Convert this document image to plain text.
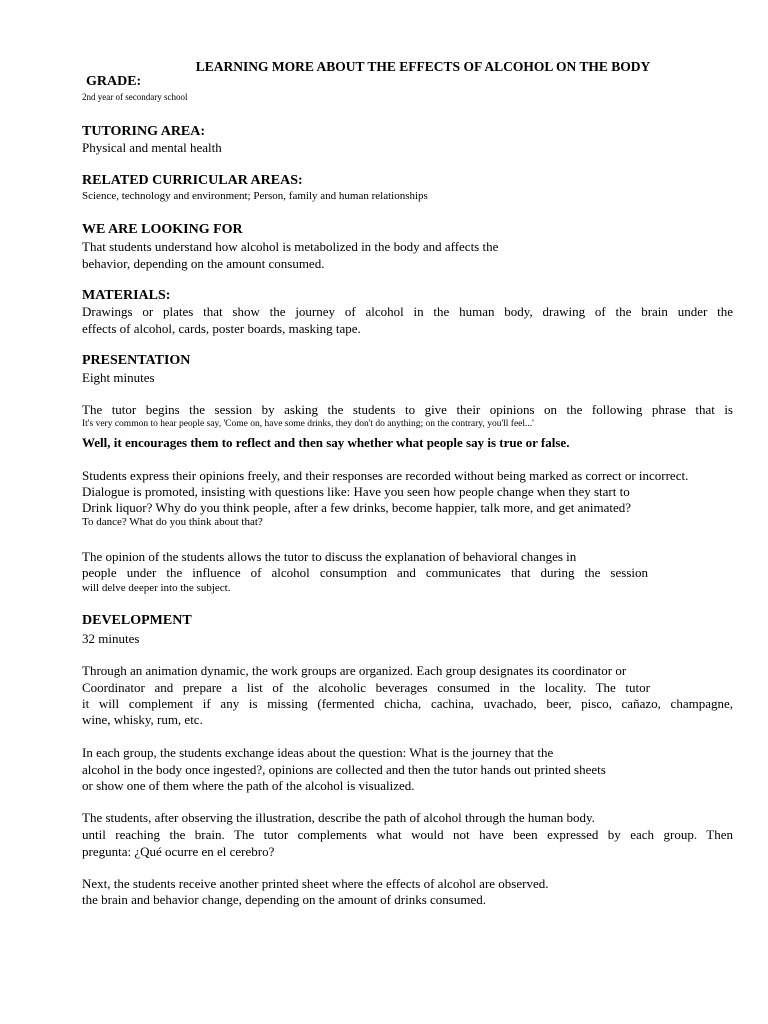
LEARNING MORE ABOUT THE EFFECTS OF ALCOHOL ON THE BODY
GRADE:
2nd year of secondary school
TUTORING AREA:
Physical and mental health
RELATED CURRICULAR AREAS:
Science, technology and environment; Person, family and human relationships
WE ARE LOOKING FOR
That students understand how alcohol is metabolized in the body and affects the
behavior, depending on the amount consumed.
MATERIALS:
Drawings or plates that show the journey of alcohol in the human body, drawing of the brain under the
effects of alcohol, cards, poster boards, masking tape.
PRESENTATION
Eight minutes
The tutor begins the session by asking the students to give their opinions on the following phrase that is
It's very common to hear people say, 'Come on, have some drinks, they don't do anything; on the contrary, you'll feel...'
Well, it encourages them to reflect and then say whether what people say is true or false.
Students express their opinions freely, and their responses are recorded without being marked as correct or incorrect.
Dialogue is promoted, insisting with questions like: Have you seen how people change when they start to
Drink liquor? Why do you think people, after a few drinks, become happier, talk more, and get animated?
To dance? What do you think about that?
The opinion of the students allows the tutor to discuss the explanation of behavioral changes in
people under the influence of alcohol consumption and communicates that during the session
will delve deeper into the subject.
DEVELOPMENT
32 minutes
Through an animation dynamic, the work groups are organized. Each group designates its coordinator or
Coordinator and prepare a list of the alcoholic beverages consumed in the locality. The tutor
it will complement if any is missing (fermented chicha, cachina, uvachado, beer, pisco, cañazo, champagne,
wine, whisky, rum, etc.
In each group, the students exchange ideas about the question: What is the journey that the
alcohol in the body once ingested?, opinions are collected and then the tutor hands out printed sheets
or show one of them where the path of the alcohol is visualized.
The students, after observing the illustration, describe the path of alcohol through the human body.
until reaching the brain. The tutor complements what would not have been expressed by each group. Then
pregunta: ¿Qué ocurre en el cerebro?
Next, the students receive another printed sheet where the effects of alcohol are observed.
the brain and behavior change, depending on the amount of drinks consumed.
